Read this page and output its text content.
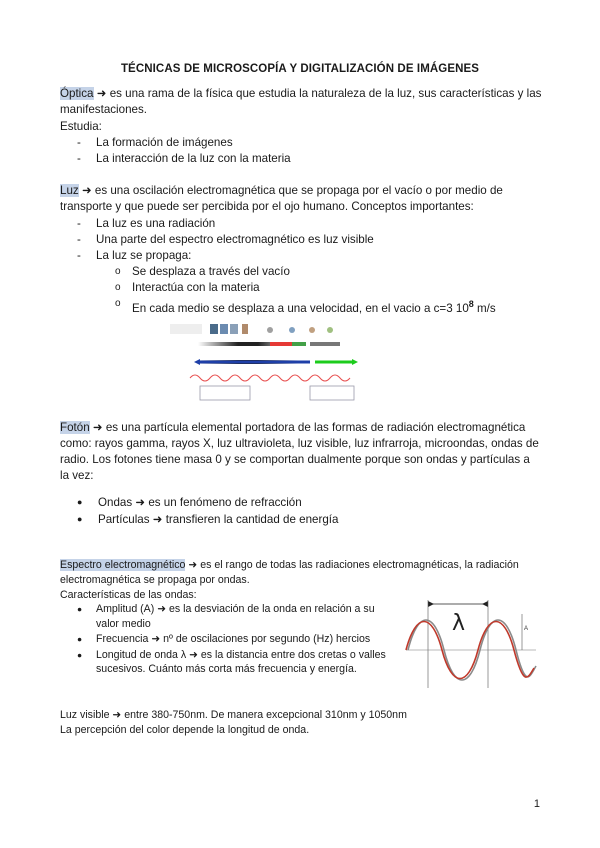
TÉCNICAS DE MICROSCOPÍA Y DIGITALIZACIÓN DE IMÁGENES
Óptica ➜ es una rama de la física que estudia la naturaleza de la luz, sus características y las manifestaciones.
Estudia:
- La formación de imágenes
- La interacción de la luz con la materia
Luz ➜ es una oscilación electromagnética que se propaga por el vacío o por medio de transporte y que puede ser percibida por el ojo humano. Conceptos importantes:
- La luz es una radiación
- Una parte del espectro electromagnético es luz visible
- La luz se propaga:
o Se desplaza a través del vacío
o Interactúa con la materia
o En cada medio se desplaza a una velocidad, en el vacio a c=3 $10^8$ m/s
Fotón ➜ es una partícula elemental portadora de las formas de radiación electromagnética como: rayos gamma, rayos X, luz ultravioleta, luz visible, luz infrarroja, microondas, ondas de radio. Los fotones tiene masa 0 y se comportan dualmente porque son ondas y partículas a la vez:
● Ondas ➜ es un fenómeno de refracción
● Partículas ➜ transfieren la cantidad de energía
Espectro electromagnético ➜ es el rango de todas las radiaciones electromagnéticas, la radiación electromagnética se propaga por ondas.
Características de las ondas:
● Amplitud (A) ➜ es la desviación de la onda en relación a su valor medio
● Frecuencia ➜ nº de oscilaciones por segundo (Hz) hercios
● Longitud de onda λ ➜ es la distancia entre dos cretas o valles sucesivos. Cuánto más corta más frecuencia y energía.
A
λ
Luz visible ➜ entre 380-750nm. De manera excepcional 310nm y 1050nm
La percepción del color depende la longitud de onda.
1
